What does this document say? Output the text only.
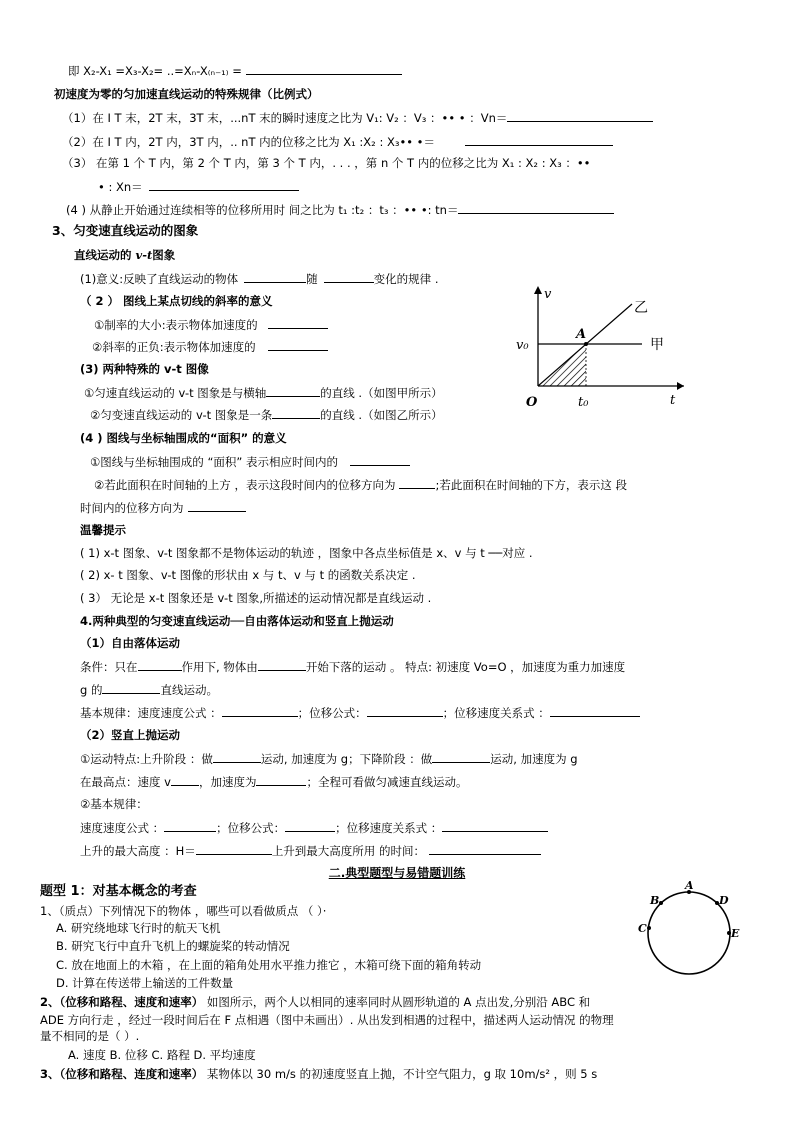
即 X₂-X₁ =X₃-X₂= ..=Xₙ-X₍ₙ₋₁₎ =
初速度为零的匀加速直线运动的特殊规律（比例式）
（1）在 I T 末，2T 末，3T 末，...nT 末的瞬时速度之比为 V₁: V₂ ：V₃ ：•• • ：Vn＝
（2）在 I T 内，2T 内，3T 内，.. nT 内的位移之比为 X₁ :X₂ : X₃•• •＝
（3） 在第 1 个 T 内，第 2 个 T 内，第 3 个 T 内，. . . ，第 n 个 T 内的位移之比为 X₁ : X₂ : X₃ ：••
• : Xn＝
(4 ) 从静止开始通过连续相等的位移所用时 间之比为 t₁ :t₂ ：t₃ ：•• •: tn＝
3、匀变速直线运动的图象
直线运动的 v-t图象
(1)意义:反映了直线运动的物体	随	变化的规律 .
（ 2 ） 图线上某点切线的斜率的意义
①制率的大小:表示物体加速度的
②斜率的正负:表示物体加速度的
(3) 两种特殊的 v-t 图像
①匀速直线运动的 v-t 图象是与横轴	的直线 .（如图甲所示）
②匀变速直线运动的 v-t 图象是一条	的直线 .（如图乙所示）
(4 ) 图线与坐标轴围成的“面积” 的意义
①图线与坐标轴围成的 “面积” 表示相应时间内的
②若此面积在时间轴的上方 ，表示这段时间内的位移方向为	;若此面积在时间轴的下方，表示这 段
时间内的位移方向为
温馨提示
( 1) x-t 图象、v-t 图象都不是物体运动的轨迹 ，图象中各点坐标值是 x、v 与 t ──对应 .
( 2) x- t 图象、v-t 图像的形状由 x 与 t、v 与 t 的函数关系决定 .
( 3） 无论是 x-t 图象还是 v-t 图象,所描述的运动情况都是直线运动 .
4.两种典型的匀变速直线运动──自由落体运动和竖直上抛运动
（1）自由落体运动
条件：只在	作用下, 物体由	开始下落的运动 。 特点: 初速度 Vo=O ，加速度为重力加速度
g 的	直线运动。
基本规律：速度速度公式 ：	；位移公式：	；位移速度关系式 ：
（2）竖直上抛运动
①运动特点:上升阶段 ：做	运动, 加速度为 g；下降阶段 ：做	运动, 加速度为 g
在最高点：速度 v ，加速度为	；全程可看做匀减速直线运动。
②基本规律：
速度速度公式 ：	；位移公式：	；位移速度关系式 ：
上升的最大高度 ：H＝	上升到最大高度所用 的时间：
二.典型题型与易错题训练
题型 1：对基本概念的考查
1、（质点）下列情况下的物体 ，哪些可以看做质点 （ ）·
A. 研究绕地球飞行时的航天飞机
B. 研究飞行中直升飞机上的螺旋桨的转动情况
C. 放在地面上的木箱 ，在上面的箱角处用水平推力推它 ，木箱可绕下面的箱角转动
D. 计算在传送带上输送的工件数量
2、（位移和路程、速度和速率） 如图所示，两个人以相同的速率同时从圆形轨道的 A 点出发,分别沿 ABC 和
ADE 方向行走 ，经过一段时间后在 F 点相遇（图中未画出）. 从出发到相遇的过程中，描述两人运动情况 的物理
量不相同的是（ ）.
A. 速度 B. 位移 C. 路程 D. 平均速度
3、（位移和路程、连度和速率） 某物体以 30 m/s 的初速度竖直上抛，不计空气阻力，g 取 10m/s² ，则 5 s
v
t
O
v₀
t₀
A
乙
甲
A
B
C
D
E
